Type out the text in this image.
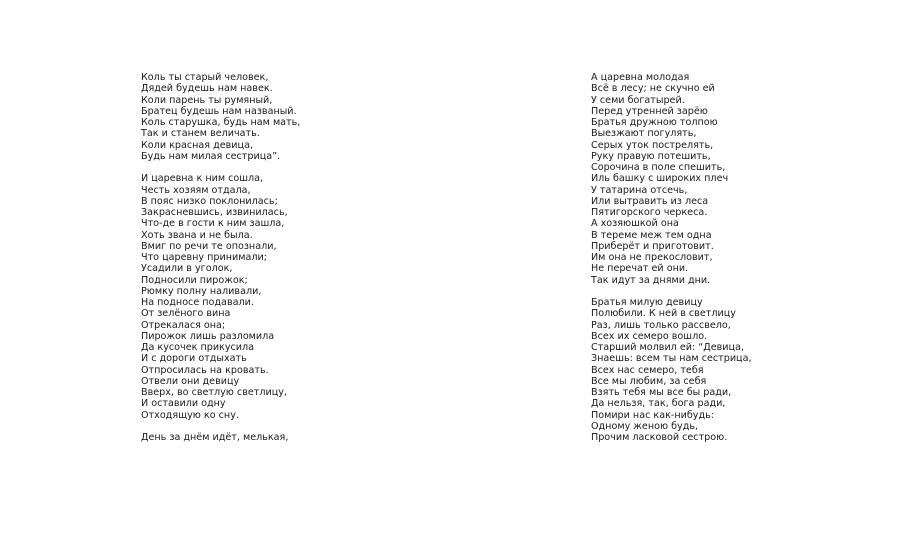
Коль ты старый человек,
Дядей будешь нам навек.
Коли парень ты румяный,
Братец будешь нам названый.
Коль старушка, будь нам мать,
Так и станем величать.
Коли красная девица,
Будь нам милая сестрица”.
И царевна к ним сошла,
Честь хозяям отдала,
В пояс низко поклонилась;
Закрасневшись, извинилась,
Что-де в гости к ним зашла,
Хоть звана и не была.
Вмиг по речи те опознали,
Что царевну принимали;
Усадили в уголок,
Подносили пирожок;
Рюмку полну наливали,
На подносе подавали.
От зелёного вина
Отрекалася она;
Пирожок лишь разломила
Да кусочек прикусила
И с дороги отдыхать
Отпросилась на кровать.
Отвели они девицу
Вверх, во светлую светлицу,
И оставили одну
Отходящую ко сну.
День за днём идёт, мелькая,
А царевна молодая
Всё в лесу; не скучно ей
У семи богатырей.
Перед утренней зарёю
Братья дружною толпою
Выезжают погулять,
Серых уток пострелять,
Руку правую потешить,
Сорочина в поле спешить,
Иль башку с широких плеч
У татарина отсечь,
Или вытравить из леса
Пятигорского черкеса.
А хозяюшкой она
В тереме меж тем одна
Приберёт и приготовит.
Им она не прекословит,
Не перечат ей они.
Так идут за днями дни.
Братья милую девицу
Полюбили. К ней в светлицу
Раз, лишь только рассвело,
Всех их семеро вошло.
Старший молвил ей: “Девица,
Знаешь: всем ты нам сестрица,
Всех нас семеро, тебя
Все мы любим, за себя
Взять тебя мы все бы ради,
Да нельзя, так, бога ради,
Помири нас как-нибудь:
Одному женою будь,
Прочим ласковой сестрою.
